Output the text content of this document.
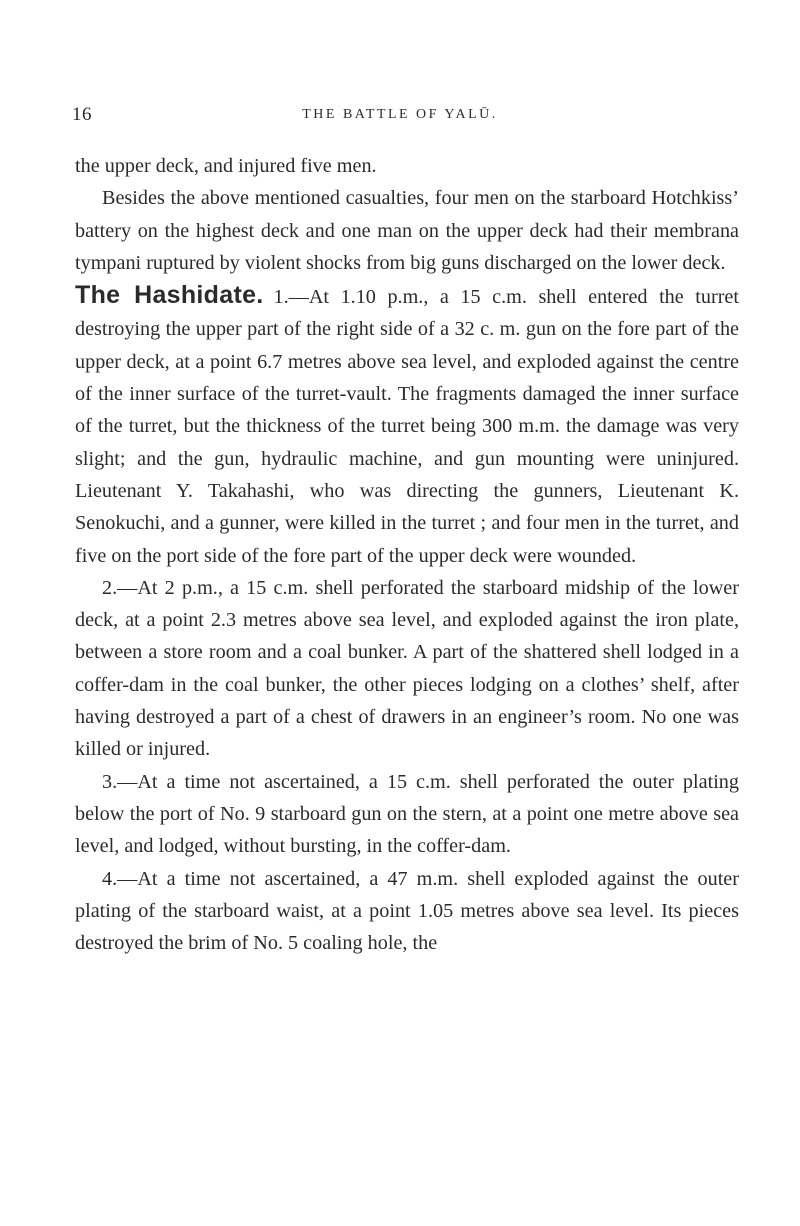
16	THE BATTLE OF YALŪ.

the upper deck, and injured five men.

Besides the above mentioned casualties, four men on the starboard Hotchkiss’ battery on the highest deck and one man on the upper deck had their membrana tympani ruptured by violent shocks from big guns discharged on the lower deck.

The Hashidate. 1.—At 1.10 p.m., a 15 c.m. shell entered the turret destroying the upper part of the right side of a 32 c. m. gun on the fore part of the upper deck, at a point 6.7 metres above sea level, and exploded against the centre of the inner surface of the turret-vault. The fragments damaged the inner surface of the turret, but the thickness of the turret being 300 m.m. the damage was very slight; and the gun, hydraulic machine, and gun mounting were uninjured. Lieutenant Y. Takahashi, who was directing the gunners, Lieutenant K. Senokuchi, and a gunner, were killed in the turret ; and four men in the turret, and five on the port side of the fore part of the upper deck were wounded.

2.—At 2 p.m., a 15 c.m. shell perforated the starboard midship of the lower deck, at a point 2.3 metres above sea level, and exploded against the iron plate, between a store room and a coal bunker. A part of the shattered shell lodged in a coffer-dam in the coal bunker, the other pieces lodging on a clothes’ shelf, after having destroyed a part of a chest of drawers in an engineer’s room. No one was killed or injured.

3.—At a time not ascertained, a 15 c.m. shell perforated the outer plating below the port of No. 9 starboard gun on the stern, at a point one metre above sea level, and lodged, without bursting, in the coffer-dam.

4.—At a time not ascertained, a 47 m.m. shell exploded against the outer plating of the starboard waist, at a point 1.05 metres above sea level. Its pieces destroyed the brim of No. 5 coaling hole, the
